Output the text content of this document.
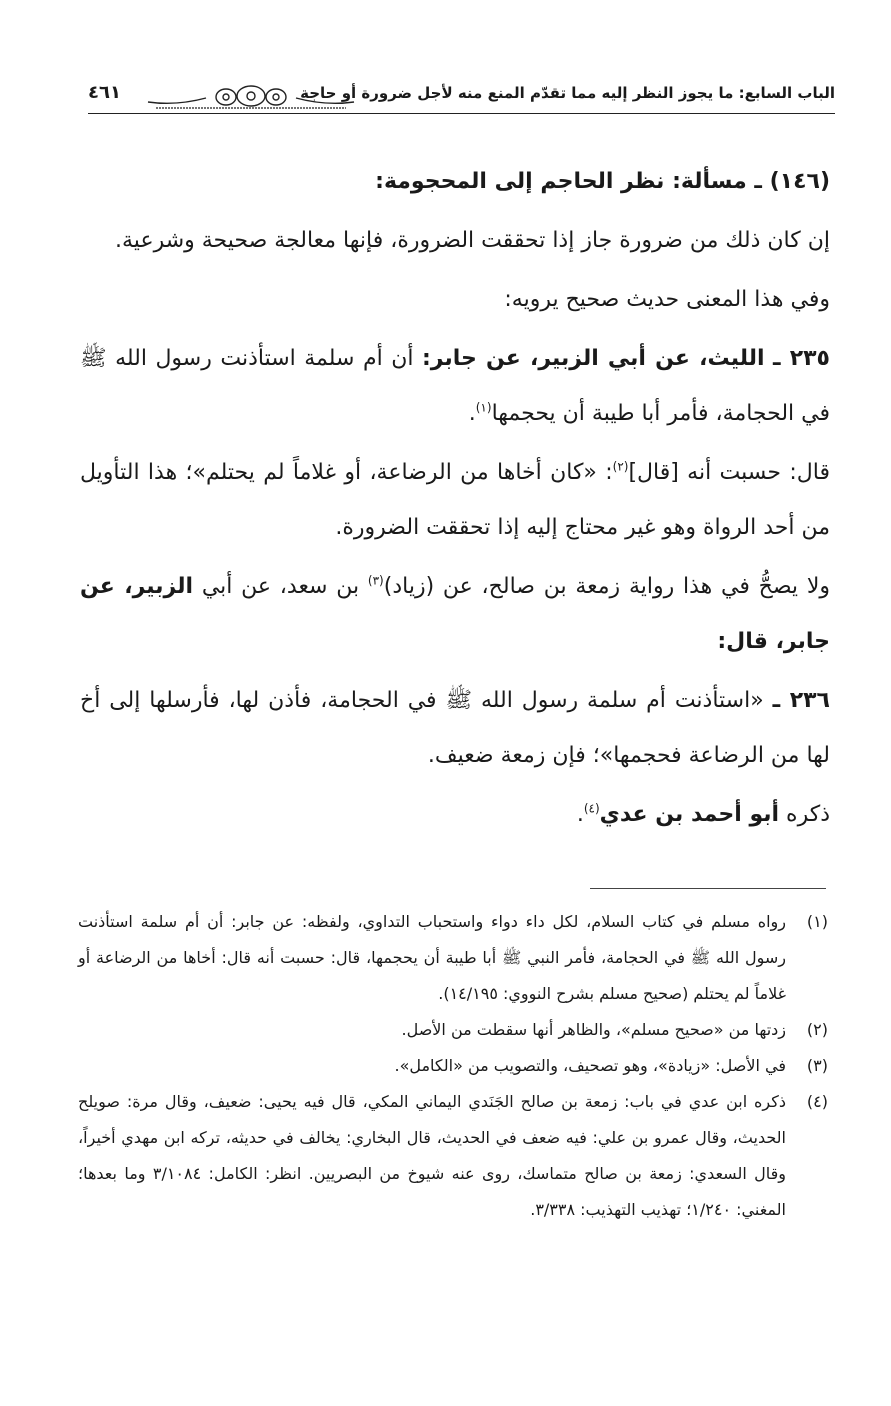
الباب السابع: ما يجوز النظر إليه مما تقدّم المنع منه لأجل ضرورة أو حاجة
٤٦١

(١٤٦) ـ مسألة: نظر الحاجم إلى المحجومة:

إن كان ذلك من ضرورة جاز إذا تحققت الضرورة، فإنها معالجة صحيحة وشرعية.

وفي هذا المعنى حديث صحيح يرويه:

٢٣٥ ـ الليث، عن أبي الزبير، عن جابر: أن أم سلمة استأذنت رسول الله ﷺ في الحجامة، فأمر أبا طيبة أن يحجمها$^{(١)}$.

قال: حسبت أنه [قال]$^{(٢)}$: «كان أخاها من الرضاعة، أو غلاماً لم يحتلم»؛ هذا التأويل من أحد الرواة وهو غير محتاج إليه إذا تحققت الضرورة.

ولا يصحُّ في هذا رواية زمعة بن صالح، عن (زياد)$^{(٣)}$ بن سعد، عن أبي الزبير، عن جابر، قال:

٢٣٦ ـ «استأذنت أم سلمة رسول الله ﷺ في الحجامة، فأذن لها، فأرسلها إلى أخ لها من الرضاعة فحجمها»؛ فإن زمعة ضعيف.

ذكره أبو أحمد بن عدي$^{(٤)}$.

(١)
رواه مسلم في كتاب السلام، لكل داء دواء واستحباب التداوي، ولفظه: عن جابر: أن أم سلمة استأذنت رسول الله ﷺ في الحجامة، فأمر النبي ﷺ أبا طيبة أن يحجمها، قال: حسبت أنه قال: أخاها من الرضاعة أو غلاماً لم يحتلم (صحيح مسلم بشرح النووي: ١٤/١٩٥).
(٢)
زدتها من «صحيح مسلم»، والظاهر أنها سقطت من الأصل.
(٣)
في الأصل: «زيادة»، وهو تصحيف، والتصويب من «الكامل».
(٤)
ذكره ابن عدي في باب: زمعة بن صالح الجَنَدي اليماني المكي، قال فيه يحيى: ضعيف، وقال مرة: صويلح الحديث، وقال عمرو بن علي: فيه ضعف في الحديث، قال البخاري: يخالف في حديثه، تركه ابن مهدي أخيراً، وقال السعدي: زمعة بن صالح متماسك، روى عنه شيوخ من البصريين. انظر: الكامل: ٣/١٠٨٤ وما بعدها؛ المغني: ١/٢٤٠؛ تهذيب التهذيب: ٣/٣٣٨.
